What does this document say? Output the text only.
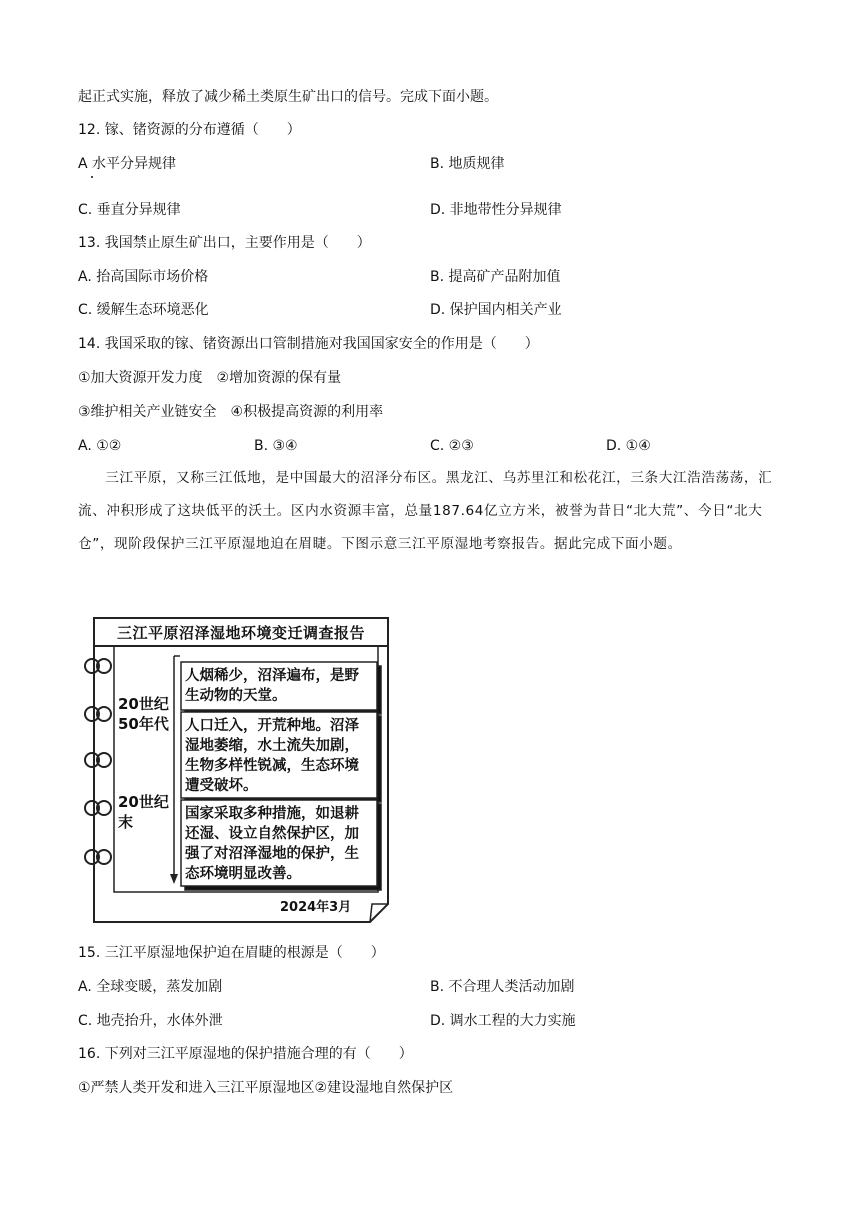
起正式实施，释放了减少稀土类原生矿出口的信号。完成下面小题。
12. 镓、锗资源的分布遵循（　　）
A 水平分异规律	B. 地质规律
C. 垂直分异规律	D. 非地带性分异规律
13. 我国禁止原生矿出口，主要作用是（　　）
A. 抬高国际市场价格	B. 提高矿产品附加值
C. 缓解生态环境恶化	D. 保护国内相关产业
14. 我国采取的镓、锗资源出口管制措施对我国国家安全的作用是（　　）
①加大资源开发力度　②增加资源的保有量
③维护相关产业链安全　④积极提高资源的利用率
A. ①②	B. ③④	C. ②③	D. ①④
三江平原，又称三江低地，是中国最大的沼泽分布区。黑龙江、乌苏里江和松花江，三条大江浩浩荡荡，汇流、冲积形成了这块低平的沃土。区内水资源丰富，总量187.64亿立方米，被誉为昔日“北大荒”、今日“北大仓”，现阶段保护三江平原湿地迫在眉睫。下图示意三江平原湿地考察报告。据此完成下面小题。
三江平原沼泽湿地环境变迁调查报告
20世纪50年代
20世纪末
人烟稀少，沼泽遍布，是野生动物的天堂。
人口迁入，开荒种地。沼泽湿地萎缩，水土流失加剧，生物多样性锐减，生态环境遭受破坏。
国家采取多种措施，如退耕还湿、设立自然保护区，加强了对沼泽湿地的保护，生态环境明显改善。
2024年3月
15. 三江平原湿地保护迫在眉睫的根源是（　　）
A. 全球变暖，蒸发加剧	B. 不合理人类活动加剧
C. 地壳抬升，水体外泄	D. 调水工程的大力实施
16. 下列对三江平原湿地的保护措施合理的有（　　）
①严禁人类开发和进入三江平原湿地区②建设湿地自然保护区
